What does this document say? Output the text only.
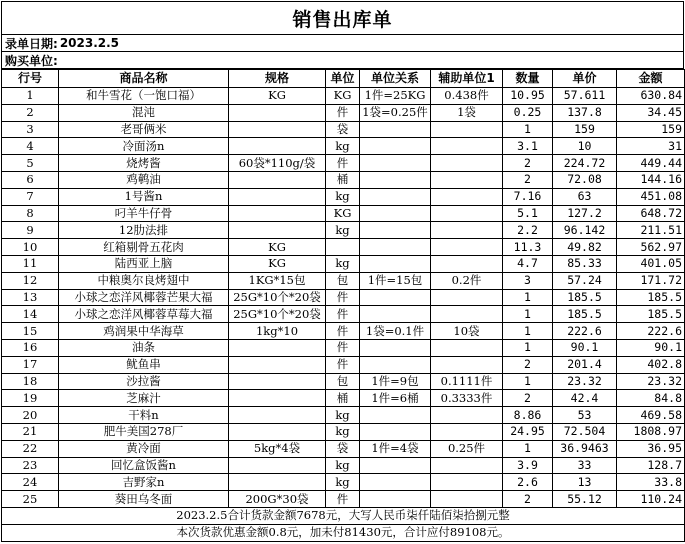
销售出库单
录单日期: 2023.2.5
购买单位:
行号	商品名称	规格	单位	单位关系	辅助单位1	数量	单价	金额
1	和牛雪花（一饱口福）	KG	KG	1件=25KG	0.438件	10.95	57.611	630.84
2	混沌		件	1袋=0.25件	1袋	0.25	137.8	34.45
3	老哥俩米		袋			1	159	159
4	冷面汤n		kg			3.1	10	31
5	烧烤酱	60袋*110g/袋	件			2	224.72	449.44
6	鸡鹌油		桶			2	72.08	144.16
7	1号酱n		kg			7.16	63	451.08
8	叼羊牛仔骨		KG			5.1	127.2	648.72
9	12肋法排		kg			2.2	96.142	211.51
10	红箱剔骨五花肉	KG				11.3	49.82	562.97
11	陆西亚上脑	KG	kg			4.7	85.33	401.05
12	中粮奥尔良烤翅中	1KG*15包	包	1件=15包	0.2件	3	57.24	171.72
13	小球之恋洋风椰蓉芒果大福	25G*10个*20袋	件			1	185.5	185.5
14	小球之恋洋风椰蓉草莓大福	25G*10个*20袋	件			1	185.5	185.5
15	鸡润果中华海草	1kg*10	件	1袋=0.1件	10袋	1	222.6	222.6
16	油条		件			1	90.1	90.1
17	鱿鱼串		件			2	201.4	402.8
18	沙拉酱		包	1件=9包	0.1111件	1	23.32	23.32
19	芝麻汁		桶	1件=6桶	0.3333件	2	42.4	84.8
20	干料n		kg			8.86	53	469.58
21	肥牛美国278厂		kg			24.95	72.504	1808.97
22	黄冷面	5kg*4袋	袋	1件=4袋	0.25件	1	36.9463	36.95
23	回忆盒饭酱n		kg			3.9	33	128.7
24	吉野家n		kg			2.6	13	33.8
25	葵田乌冬面	200G*30袋	件			2	55.12	110.24
2023.2.5合计货款金额7678元，大写人民币柒仟陆佰柒拾捌元整								
本次货款优惠金额0.8元，加未付81430元，合计应付89108元。								
